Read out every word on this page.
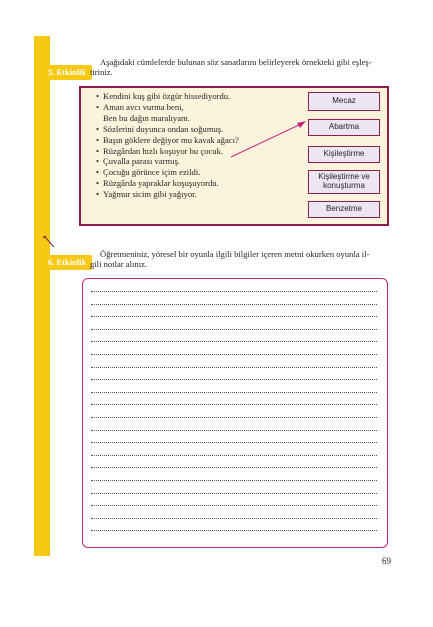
5. Etkinlik
Aşağıdaki cümlelerde bulunan söz sanatlarını belirleyerek örnekteki gibi eşleş-
tiriniz.
• Kendini kuş gibi özgür hissediyordu.
• Aman avcı vurma beni,
Ben bu dağın maralıyam.
• Sözlerini duyunca ondan soğumuş.
• Başın göklere değiyor mu kavak ağacı?
• Rüzgârdan hızlı koşuyor bu çocuk.
• Çuvalla parası varmış.
• Çocuğu görünce içim ezildi.
• Rüzgârda yapraklar koşuşuyordu.
• Yağmur sicim gibi yağıyor.
Mecaz
Abartma
Kişileştirme
Kişileştirme ve
konuşturma
Benzetme
6. Etkinlik
Öğretmeniniz, yöresel bir oyunla ilgili bilgiler içeren metni okurken oyunla il-
gili notlar alınız.
69
